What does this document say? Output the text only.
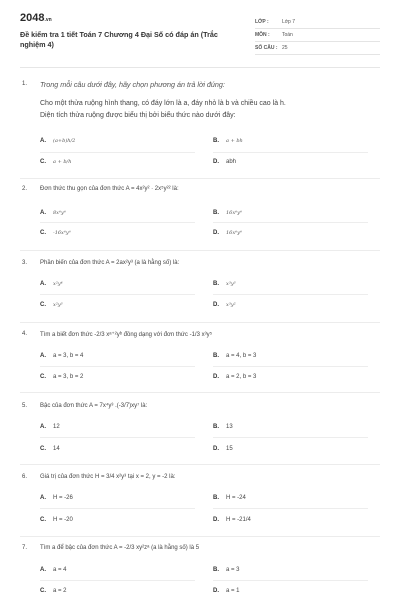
2048.vn
Đề kiểm tra 1 tiết Toán 7 Chương 4 Đại Số có đáp án (Trắc nghiệm 4)
LỚP :	Lớp 7
MÔN : Toán
SỐ CÂU : 25
1. Trong mỗi câu dưới đây, hãy chọn phương án trả lời đúng:
Cho một thửa ruộng hình thang, có đáy lớn là a, đáy nhỏ là b và chiều cao là h.
Diện tích thửa ruộng được biểu thị bởi biểu thức nào dưới đây:
A. (a+b)h/2	B. a + bh
C. a + b/h	D. abh
2. Đơn thức thu gọn của đơn thức A = 4x²y² · 2x⁵y²² là:
A. 8x⁶y⁶	B. 16x⁶y⁶
C. -16x⁶y⁶	D. 16x⁶y⁶
3. Phần biến của đơn thức A = 2ax²y³ (a là hằng số) là:
A. x²y⁴	B. x³y³
C. x²y³	D. x³y²
4. Tìm a biết đơn thức -2/3 xᵃ⁺²yᵇ đồng dạng với đơn thức -1/3 x³y⁵
A. a = 3, b = 4	B. a = 4, b = 3
C. a = 3, b = 2	D. a = 2, b = 3
5. Bậc của đơn thức A = 7x⁴y³ .(-3/7)xy⁷ là:
A. 12	B. 13
C. 14	D. 15
6. Giá trị của đơn thức H = 3/4 x²y³ tại x = 2, y = -2 là:
A. H = -26	B. H = -24
C. H = -20	D. H = -21/4
7. Tìm a để bậc của đơn thức A = -2/3 xy²zᵃ (a là hằng số) là 5
A. a = 4	B. a = 3
C. a = 2	D. a = 1
